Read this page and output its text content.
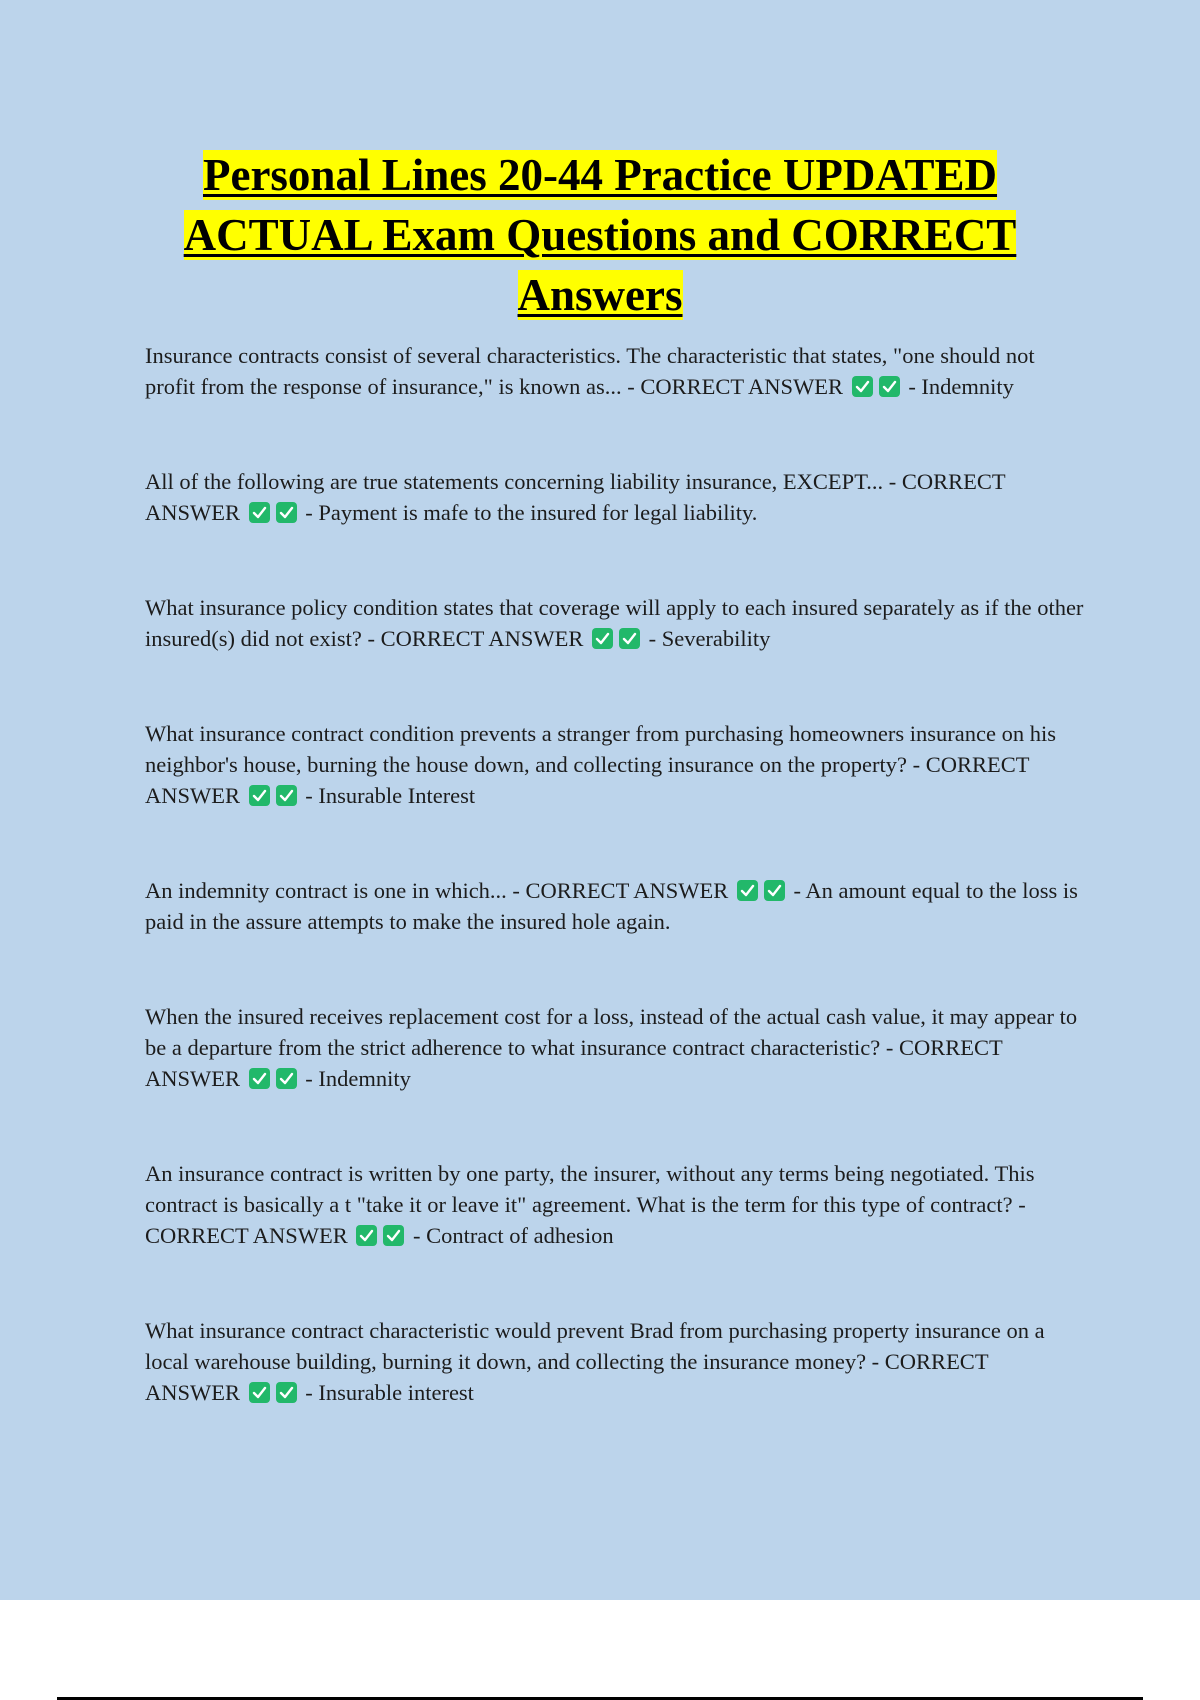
Personal Lines 20-44 Practice UPDATED
ACTUAL Exam Questions and CORRECT
Answers

Insurance contracts consist of several characteristics. The characteristic that states, "one should not profit from the response of insurance," is known as... - CORRECT ANSWER	- Indemnity

All of the following are true statements concerning liability insurance, EXCEPT... - CORRECT ANSWER	- Payment is mafe to the insured for legal liability.

What insurance policy condition states that coverage will apply to each insured separately as if the other insured(s) did not exist? - CORRECT ANSWER	- Severability

What insurance contract condition prevents a stranger from purchasing homeowners insurance on his neighbor's house, burning the house down, and collecting insurance on the property? - CORRECT ANSWER	- Insurable Interest

An indemnity contract is one in which... - CORRECT ANSWER	- An amount equal to the loss is paid in the assure attempts to make the insured hole again.

When the insured receives replacement cost for a loss, instead of the actual cash value, it may appear to be a departure from the strict adherence to what insurance contract characteristic? - CORRECT ANSWER	- Indemnity

An insurance contract is written by one party, the insurer, without any terms being negotiated. This contract is basically a t "take it or leave it" agreement. What is the term for this type of contract? - CORRECT ANSWER	- Contract of adhesion

What insurance contract characteristic would prevent Brad from purchasing property insurance on a local warehouse building, burning it down, and collecting the insurance money? - CORRECT ANSWER	- Insurable interest
